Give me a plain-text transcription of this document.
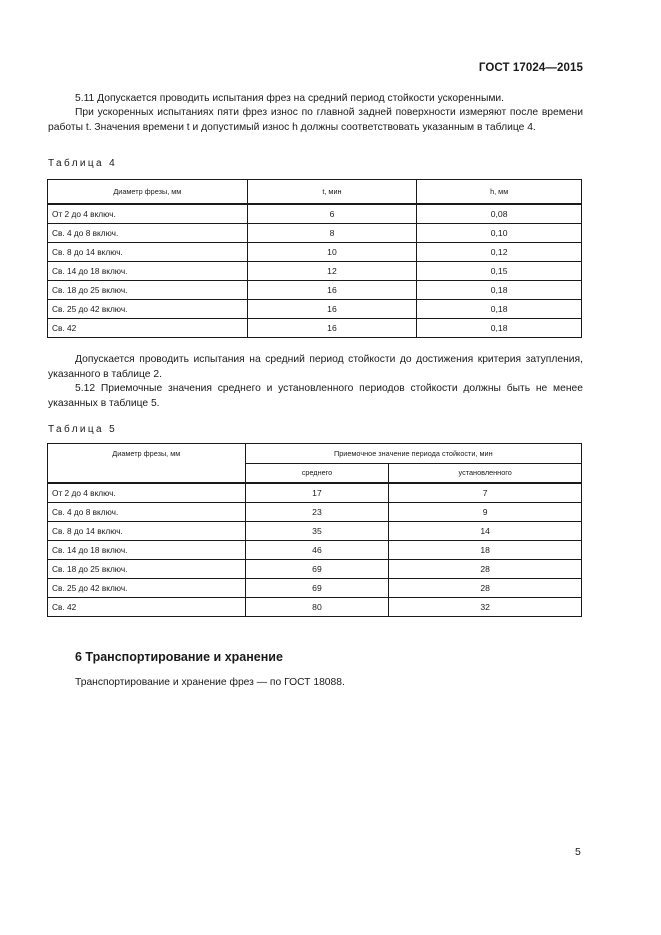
ГОСТ 17024—2015
5.11 Допускается проводить испытания фрез на средний период стойкости ускоренными.
При ускоренных испытаниях пяти фрез износ по главной задней поверхности измеряют после времени работы t. Значения времени t и допустимый износ h должны соответствовать указанным в таблице 4.
Таблица 4
Диаметр фрезы, мм	t, мин	h, мм
От 2 до 4 включ.	6	0,08
Св. 4 до 8 включ.	8	0,10
Св. 8 до 14 включ.	10	0,12
Св. 14 до 18 включ.	12	0,15
Св. 18 до 25 включ.	16	0,18
Св. 25 до 42 включ.	16	0,18
Св. 42	16	0,18
Допускается проводить испытания на средний период стойкости до достижения критерия затупления, указанного в таблице 2.
5.12 Приемочные значения среднего и установленного периодов стойкости должны быть не менее указанных в таблице 5.
Таблица 5
Диаметр фрезы, мм	Приемочное значение периода стойкости, мин	
	среднего	установленного
От 2 до 4 включ.	17	7
Св. 4 до 8 включ.	23	9
Св. 8 до 14 включ.	35	14
Св. 14 до 18 включ.	46	18
Св. 18 до 25 включ.	69	28
Св. 25 до 42 включ.	69	28
Св. 42	80	32
6 Транспортирование и хранение
Транспортирование и хранение фрез — по ГОСТ 18088.
5
